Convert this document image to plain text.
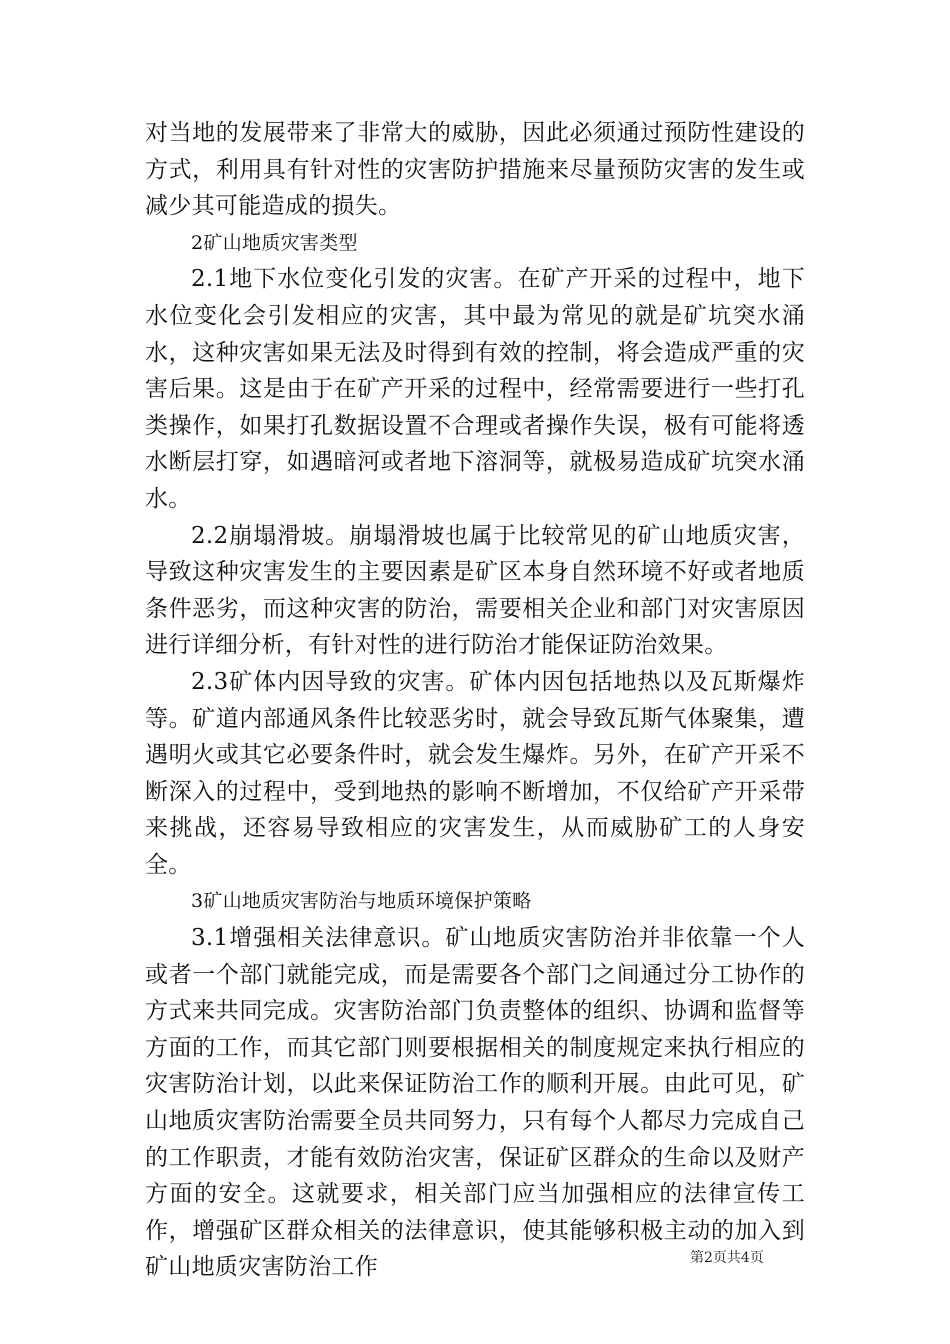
对当地的发展带来了非常大的威胁，因此必须通过预防性建设的方式，利用具有针对性的灾害防护措施来尽量预防灾害的发生或减少其可能造成的损失。

2矿山地质灾害类型

2.1地下水位变化引发的灾害。在矿产开采的过程中，地下水位变化会引发相应的灾害，其中最为常见的就是矿坑突水涌水，这种灾害如果无法及时得到有效的控制，将会造成严重的灾害后果。这是由于在矿产开采的过程中，经常需要进行一些打孔类操作，如果打孔数据设置不合理或者操作失误，极有可能将透水断层打穿，如遇暗河或者地下溶洞等，就极易造成矿坑突水涌水。

2.2崩塌滑坡。崩塌滑坡也属于比较常见的矿山地质灾害，导致这种灾害发生的主要因素是矿区本身自然环境不好或者地质条件恶劣，而这种灾害的防治，需要相关企业和部门对灾害原因进行详细分析，有针对性的进行防治才能保证防治效果。

2.3矿体内因导致的灾害。矿体内因包括地热以及瓦斯爆炸等。矿道内部通风条件比较恶劣时，就会导致瓦斯气体聚集，遭遇明火或其它必要条件时，就会发生爆炸。另外，在矿产开采不断深入的过程中，受到地热的影响不断增加，不仅给矿产开采带来挑战，还容易导致相应的灾害发生，从而威胁矿工的人身安全。

3矿山地质灾害防治与地质环境保护策略

3.1增强相关法律意识。矿山地质灾害防治并非依靠一个人或者一个部门就能完成，而是需要各个部门之间通过分工协作的方式来共同完成。灾害防治部门负责整体的组织、协调和监督等方面的工作，而其它部门则要根据相关的制度规定来执行相应的灾害防治计划，以此来保证防治工作的顺利开展。由此可见，矿山地质灾害防治需要全员共同努力，只有每个人都尽力完成自己的工作职责，才能有效防治灾害，保证矿区群众的生命以及财产方面的安全。这就要求，相关部门应当加强相应的法律宣传工作，增强矿区群众相关的法律意识，使其能够积极主动的加入到矿山地质灾害防治工作	第2页共4页
